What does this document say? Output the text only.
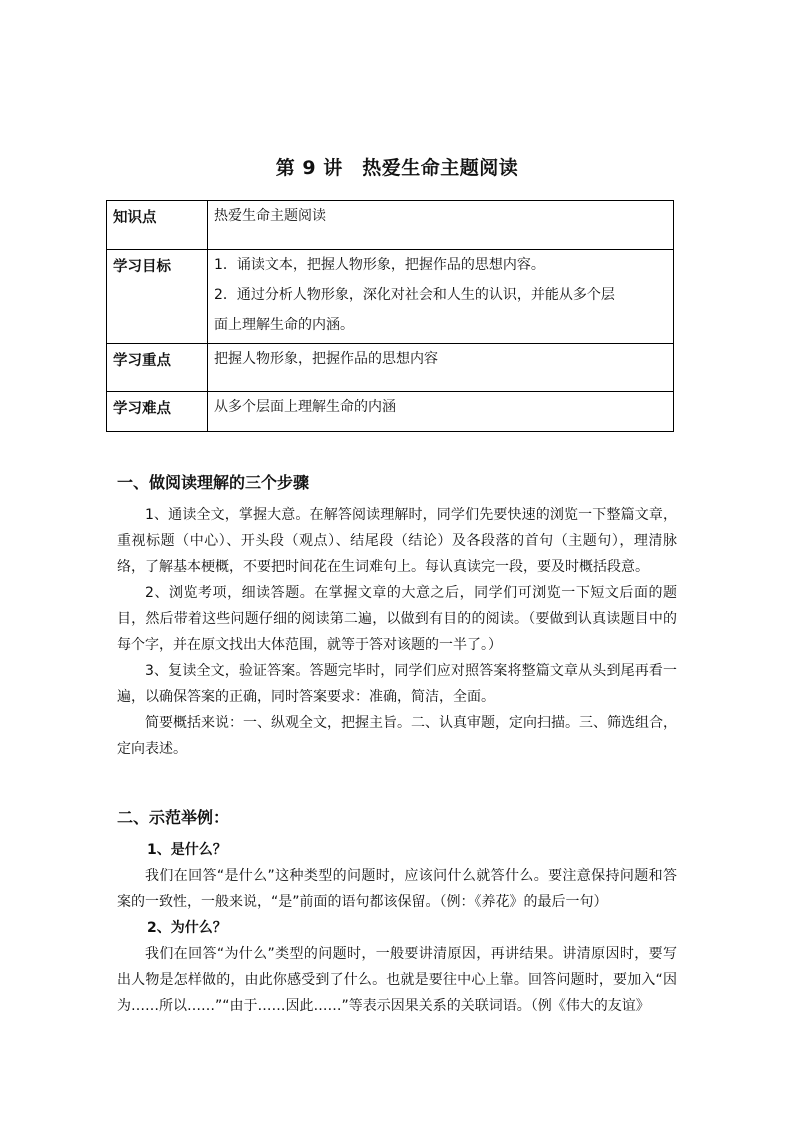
第 9 讲　热爱生命主题阅读
知识点	热爱生命主题阅读

学习目标	1．诵读文本，把握人物形象，把握作品的思想内容。
2．通过分析人物形象，深化对社会和人生的认识，并能从多个层
面上理解生命的内涵。

学习重点	把握人物形象，把握作品的思想内容

学习难点	从多个层面上理解生命的内涵
一、做阅读理解的三个步骤

1、通读全文，掌握大意。在解答阅读理解时，同学们先要快速的浏览一下整篇文章，重视标题（中心）、开头段（观点）、结尾段（结论）及各段落的首句（主题句），理清脉络，了解基本梗概，不要把时间花在生词难句上。每认真读完一段，要及时概括段意。

2、浏览考项，细读答题。在掌握文章的大意之后，同学们可浏览一下短文后面的题目，然后带着这些问题仔细的阅读第二遍，以做到有目的的阅读。（要做到认真读题目中的每个字，并在原文找出大体范围，就等于答对该题的一半了。）

3、复读全文，验证答案。答题完毕时，同学们应对照答案将整篇文章从头到尾再看一遍，以确保答案的正确，同时答案要求：准确，简洁，全面。

简要概括来说：一、纵观全文，把握主旨。二、认真审题，定向扫描。三、筛选组合，定向表述。

二、示范举例：
1、是什么？

我们在回答“是什么”这种类型的问题时，应该问什么就答什么。要注意保持问题和答案的一致性，一般来说，“是”前面的语句都该保留。（例：《养花》的最后一句）

2、为什么？

我们在回答“为什么”类型的问题时，一般要讲清原因，再讲结果。讲清原因时，要写出人物是怎样做的，由此你感受到了什么。也就是要往中心上靠。回答问题时，要加入“因为……所以……”“由于……因此……”等表示因果关系的关联词语。（例《伟大的友谊》
